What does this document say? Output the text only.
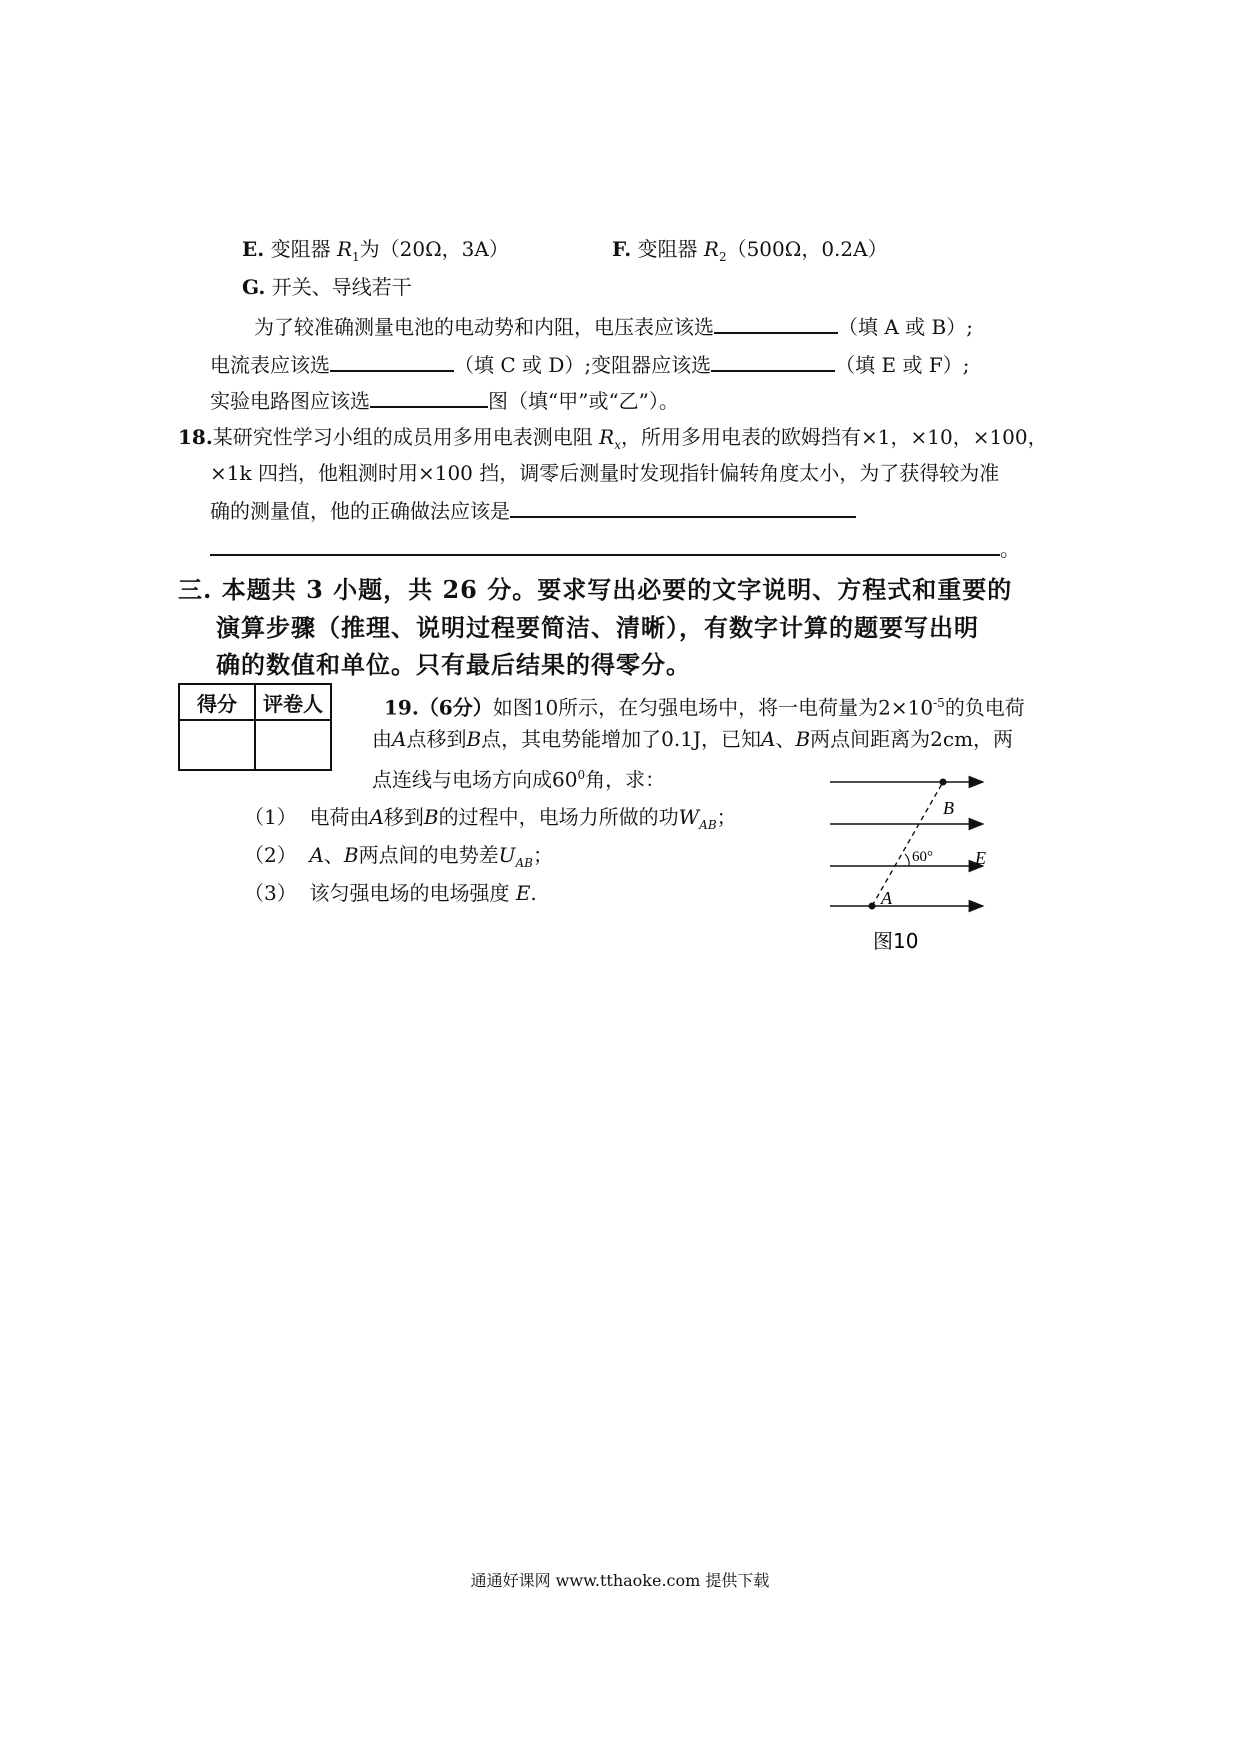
E. 变阻器 $R_1$为（20Ω，3A）	F. 变阻器 $R_2(500\Omega$，0.2A）
G. 开关、导线若干
为了较准确测量电池的电动势和内阻，电压表应该选	（填 A 或 B）;
电流表应该选	（填 C 或 D）;变阻器应该选	（填 E 或 F）;
实验电路图应该选	图（填“甲”或“乙”）。
18.某研究性学习小组的成员用多用电表测电阻 $R_x$，所用多用电表的欧姆挡有×1，×10，×100，
×1k 四挡，他粗测时用×100 挡，调零后测量时发现指针偏转角度太小，为了获得较为准
确的测量值，他的正确做法应该是
。
三. 本题共 3 小题，共 26 分。要求写出必要的文字说明、方程式和重要的
演算步骤（推理、说明过程要简洁、清晰），有数字计算的题要写出明
确的数值和单位。只有最后结果的得零分。
得分	评卷人
		19.（6分）如图10所示，在匀强电场中，将一电荷量为$2\times 10^{-5}$的负电荷
由A点移到B点，其电势能增加了0.1J，已知A、B两点间距离为2cm，两
点连线与电场方向成$60^0$角，求：
（1） 电荷由A移到B的过程中，电场力所做的功$W_{AB}$；
（2） A、B两点间的电势差$U_{AB}$；
（3） 该匀强电场的电场强度 E.
60°
B
A
E
图10
通通好课网 www.tthaoke.com 提供下载
